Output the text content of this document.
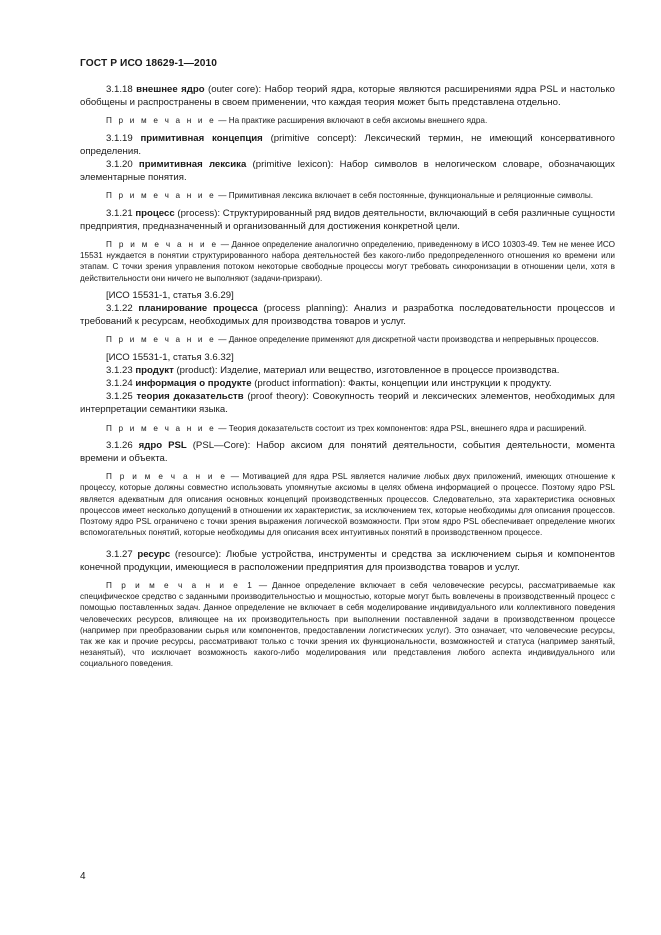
ГОСТ Р ИСО 18629-1—2010

3.1.18 внешнее ядро (outer core): Набор теорий ядра, которые являются расширениями ядра PSL и настолько обобщены и распространены в своем применении, что каждая теория может быть представлена отдельно.

П р и м е ч а н и е — На практике расширения включают в себя аксиомы внешнего ядра.

3.1.19 примитивная концепция (primitive concept): Лексический термин, не имеющий консервативного определения.

3.1.20 примитивная лексика (primitive lexicon): Набор символов в нелогическом словаре, обозначающих элементарные понятия.

П р и м е ч а н и е — Примитивная лексика включает в себя постоянные, функциональные и реляционные символы.

3.1.21 процесс (process): Структурированный ряд видов деятельности, включающий в себя различные сущности предприятия, предназначенный и организованный для достижения конкретной цели.

П р и м е ч а н и е — Данное определение аналогично определению, приведенному в ИСО 10303-49. Тем не менее ИСО 15531 нуждается в понятии структурированного набора деятельностей без какого-либо предопределенного отношения ко времени или этапам. С точки зрения управления потоком некоторые свободные процессы могут требовать синхронизации в отношении цели, хотя в действительности они ничего не выполняют (задачи-призраки).

[ИСО 15531-1, статья 3.6.29]

3.1.22 планирование процесса (process planning): Анализ и разработка последовательности процессов и требований к ресурсам, необходимых для производства товаров и услуг.

П р и м е ч а н и е — Данное определение применяют для дискретной части производства и непрерывных процессов.

[ИСО 15531-1, статья 3.6.32]

3.1.23 продукт (product): Изделие, материал или вещество, изготовленное в процессе производства.

3.1.24 информация о продукте (product information): Факты, концепции или инструкции к продукту.

3.1.25 теория доказательств (proof theory): Совокупность теорий и лексических элементов, необходимых для интерпретации семантики языка.

П р и м е ч а н и е — Теория доказательств состоит из трех компонентов: ядра PSL, внешнего ядра и расширений.

3.1.26 ядро PSL (PSL—Core): Набор аксиом для понятий деятельности, события деятельности, момента времени и объекта.

П р и м е ч а н и е — Мотивацией для ядра PSL является наличие любых двух приложений, имеющих отношение к процессу, которые должны совместно использовать упомянутые аксиомы в целях обмена информацией о процессе. Поэтому ядро PSL является адекватным для описания основных концепций производственных процессов. Следовательно, эта характеристика основных процессов имеет несколько допущений в отношении их характеристик, за исключением тех, которые необходимы для описания процессов. Поэтому ядро PSL ограничено с точки зрения выражения логической возможности. При этом ядро PSL обеспечивает определение многих вспомогательных понятий, которые необходимы для описания всех интуитивных понятий в производственном процессе.

3.1.27 ресурс (resource): Любые устройства, инструменты и средства за исключением сырья и компонентов конечной продукции, имеющиеся в расположении предприятия для производства товаров и услуг.

П р и м е ч а н и е 1 — Данное определение включает в себя человеческие ресурсы, рассматриваемые как специфическое средство с заданными производительностью и мощностью, которые могут быть вовлечены в производственный процесс с помощью поставленных задач. Данное определение не включает в себя моделирование индивидуального или коллективного поведения человеческих ресурсов, влияющее на их производительность при выполнении поставленной задачи в производственном процессе (например при преобразовании сырья или компонентов, предоставлении логистических услуг). Это означает, что человеческие ресурсы, так же как и прочие ресурсы, рассматривают только с точки зрения их функциональности, возможностей и статуса (например занятый, незанятый), что исключает возможность какого-либо моделирования или представления любого аспекта индивидуального или социального поведения.

4
